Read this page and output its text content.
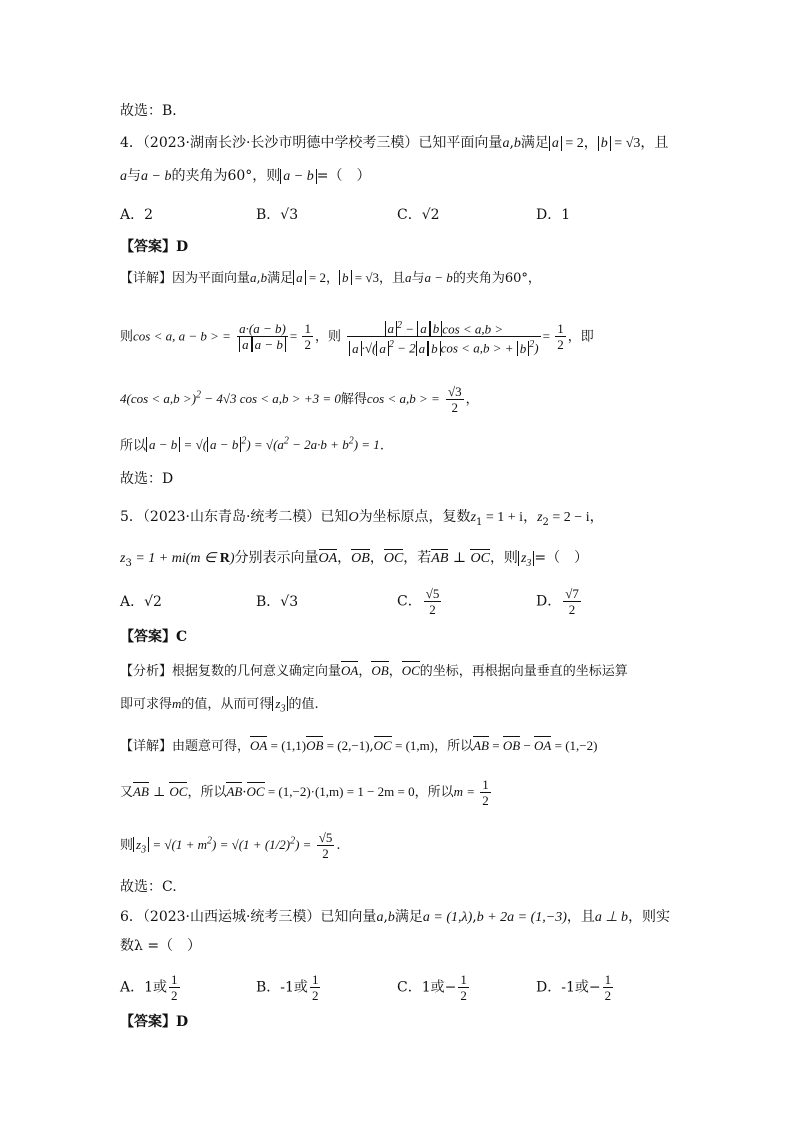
故选：B．
4．（2023·湖南长沙·长沙市明德中学校考三模）已知平面向量a,b满足 a = 2， b = √3，且
a与a − b的夹角为60°，则 a − b =（　）
A．2	B．√3	C．√2	D．1
【答案】D
【详解】因为平面向量a,b满足 a = 2， b = √3，且a与a − b的夹角为60°，
则cos < a, a − b > = $\frac{a\cdot(a - b)}{\text{a a − b}} = \frac{1}{2}$ ，则 $\frac{a ^2 - a b \cos < a,b >}{a \cdot√( a ^2 - 2 a b \cos < a,b > + b ^2)} = \frac{1}{2}$ ，即
4(cos < a,b >)$^2$ − 4√3 cos < a,b > +3 = 0解得cos < a,b > = $\frac{√3}{2}$ ，
所以 a − b = √( a − b $^2) = √(a^2 - 2a\cdot b + b^2) = 1$.
故选：D
5．（2023·山东青岛·统考二模）已知O为坐标原点，复数$z_1 = 1 + i$，$z_2 = 2 - i$，
$z_3 = 1 + mi(m$ ∈ R)分别表示向量OA，OB，OC，若AB ⊥ OC，则 $z_3$ =（　）
A．√2	B．√3	C． $\frac{√5}{2}$	D． $\frac{√7}{2}$
【答案】C
【分析】根据复数的几何意义确定向量OA，OB，OC的坐标，再根据向量垂直的坐标运算
即可求得m的值，从而可得 $z_3$ 的值.
【详解】由题意可得，OA = (1,1)OB = (2,−1),OC = (1,m)，所以AB = OB − OA = (1,−2)
又AB ⊥ OC，所以AB·OC = (1,−2)·(1,m) = 1 − 2m = 0，所以$m = \frac{1}{2}$
则 $z_3 = √(1 + m^2) = √(1 + (1/2)^2) = \frac{√5}{2}$ .
故选：C.
6．（2023·山西运城·统考三模）已知向量a,b满足a = (1,λ),b + 2a = (1,−3)，且a ⊥ b，则实
数λ =（　）
A．1或 $\frac{1}{2}$	B．-1或 $\frac{1}{2}$	C．1或− $\frac{1}{2}$	D．-1或− $\frac{1}{2}$
【答案】D
